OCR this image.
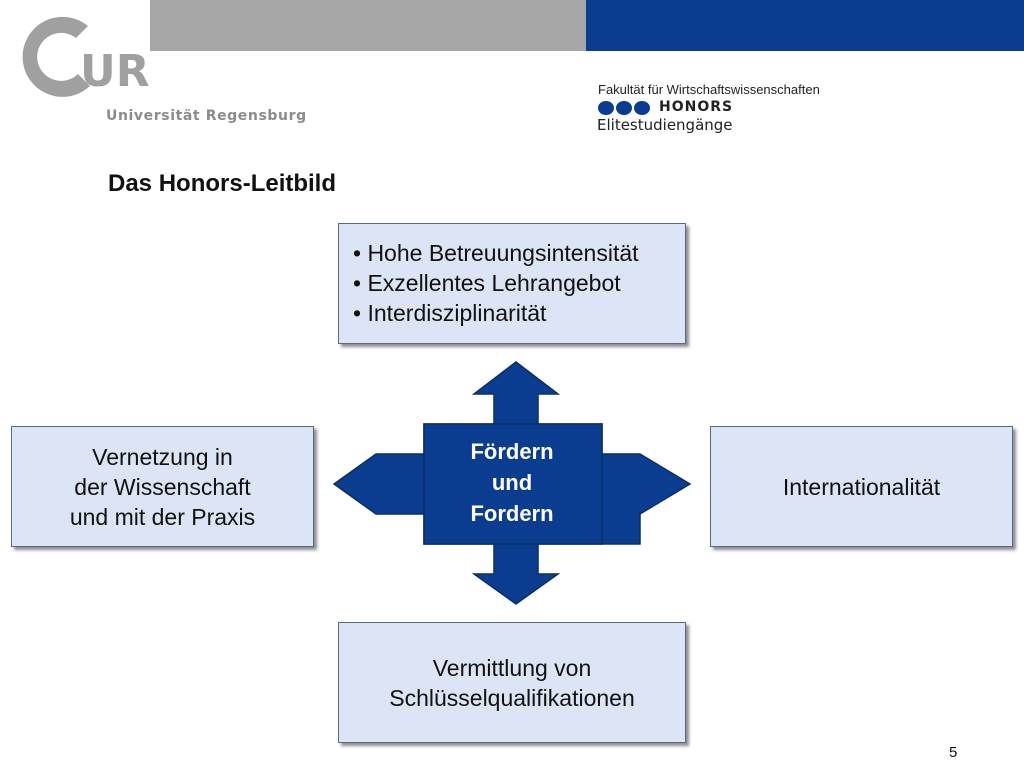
UR
Universität Regensburg
Fakultät für Wirtschaftswissenschaften
HONORS
Elitestudiengänge
Das Honors-Leitbild
Fördern
und
Fordern
• Hohe Betreuungsintensität
• Exzellentes Lehrangebot
• Interdisziplinarität
Vernetzung in
der Wissenschaft
und mit der Praxis
Internationalität
Vermittlung von
Schlüsselqualifikationen
5
